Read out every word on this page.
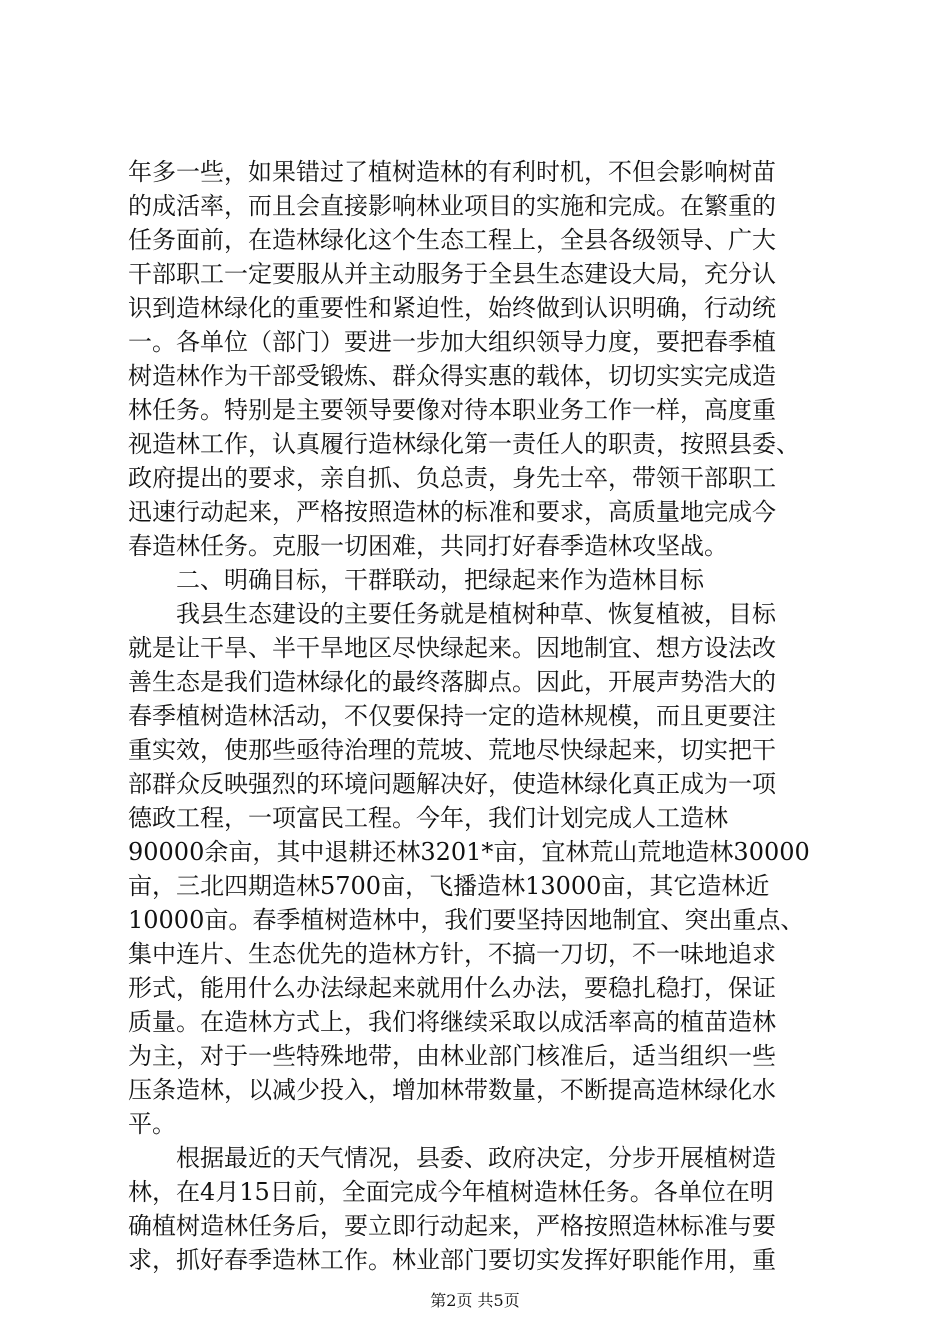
年多一些，如果错过了植树造林的有利时机，不但会影响树苗

的成活率，而且会直接影响林业项目的实施和完成。在繁重的

任务面前，在造林绿化这个生态工程上，全县各级领导、广大

干部职工一定要服从并主动服务于全县生态建设大局，充分认

识到造林绿化的重要性和紧迫性，始终做到认识明确，行动统

一。各单位（部门）要进一步加大组织领导力度，要把春季植

树造林作为干部受锻炼、群众得实惠的载体，切切实实完成造

林任务。特别是主要领导要像对待本职业务工作一样，高度重

视造林工作，认真履行造林绿化第一责任人的职责，按照县委、

政府提出的要求，亲自抓、负总责，身先士卒，带领干部职工

迅速行动起来，严格按照造林的标准和要求，高质量地完成今

春造林任务。克服一切困难，共同打好春季造林攻坚战。

　　二、明确目标，干群联动，把绿起来作为造林目标

　　我县生态建设的主要任务就是植树种草、恢复植被，目标

就是让干旱、半干旱地区尽快绿起来。因地制宜、想方设法改

善生态是我们造林绿化的最终落脚点。因此，开展声势浩大的

春季植树造林活动，不仅要保持一定的造林规模，而且更要注

重实效，使那些亟待治理的荒坡、荒地尽快绿起来，切实把干

部群众反映强烈的环境问题解决好，使造林绿化真正成为一项

德政工程，一项富民工程。今年，我们计划完成人工造林

90000余亩，其中退耕还林3201*亩，宜林荒山荒地造林30000

亩，三北四期造林5700亩，飞播造林13000亩，其它造林近

10000亩。春季植树造林中，我们要坚持因地制宜、突出重点、

集中连片、生态优先的造林方针，不搞一刀切，不一味地追求

形式，能用什么办法绿起来就用什么办法，要稳扎稳打，保证

质量。在造林方式上，我们将继续采取以成活率高的植苗造林

为主，对于一些特殊地带，由林业部门核准后，适当组织一些

压条造林，以减少投入，增加林带数量，不断提高造林绿化水

平。

　　根据最近的天气情况，县委、政府决定，分步开展植树造

林，在4月15日前，全面完成今年植树造林任务。各单位在明

确植树造林任务后，要立即行动起来，严格按照造林标准与要

求，抓好春季造林工作。林业部门要切实发挥好职能作用，重

第2页 共5页
